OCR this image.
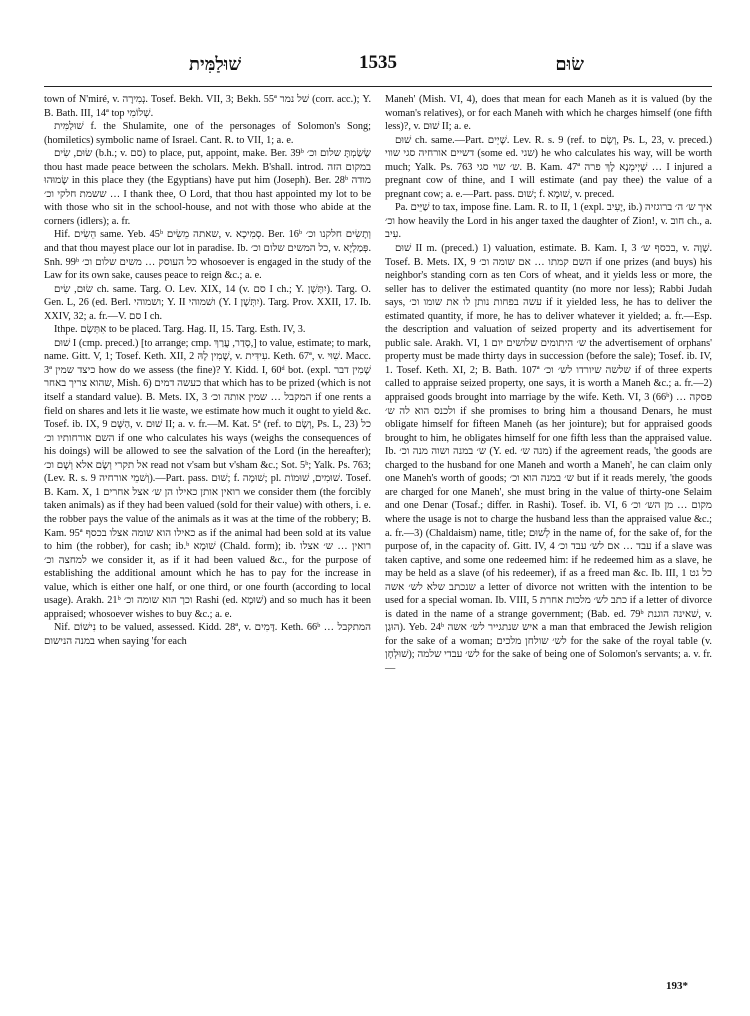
שׁוּלַמִּית	1535	שׂוּם

town of N'miré, v. נְמִירָה. Tosef. Bekh. VII, 3; Bekh. 55ª שׁל נמר (corr. acc.); Y. B. Bath. III, 14ª top שְׁלוֹמִי.

שׁוּלַמִּית f. the Shulamite, one of the personages of Solomon's Song; (homiletics) symbolic name of Israel. Cant. R. to VII, 1; a. e.

שׂוּם, שִׂים (b.h.; v. סם) to place, put, appoint, make. Ber. 39ᵇ שֶׂשַׂמְתָּ שלום וכ׳ thou hast made peace between the scholars. Mekh. B'shall. introd. במקום הזה שָׂמוּהוּ in this place they (the Egyptians) have put him (Joseph). Ber. 28ᵇ מודה … ששמת חלקי וכ׳ I thank thee, O Lord, that thou hast appointed my lot to be with those who sit in the school-house, and not with those who abide at the corners (idlers); a. fr.

Hif. הֵשִׂים same. Yeb. 45ᵇ שאתה מֵשִׂים, v. סְמִיכָא. Ber. 16ᵇ וְתָשִׂים חלקנו וכ׳ and that thou mayest place our lot in paradise. Ib. כל המשים שלום וכ׳, v. פְּמַלְיָא. Snh. 99ᵇ כל העוסק … משים שלום וכ׳ whosoever is engaged in the study of the Law for its own sake, causes peace to reign &c.; a. e.

שׂוּם, שִׂים ch. same. Targ. O. Lev. XIX, 14 (v. סם I ch.; Y. יִתְּשָׁן). Targ. O. Gen. L, 26 (ed. Berl. ושמוהי; Y. II ושׁמוהי (Y. I יִתְּשָׁן). Targ. Prov. XXII, 17. Ib. XXIV, 32; a. fr.—V. סם I ch.

Ithpe. אִתְּשָׂם to be placed. Targ. Hag. II, 15. Targ. Esth. IV, 3.

שׁוּם I (cmp. preced.) [to arrange; cmp. סְדַר, עֲרַךְ,] to value, estimate; to mark, name. Gitt. V, 1; Tosef. Keth. XII, 2 שָׁמִין לָהּ, v. עִידִּית. Keth. 67ª, v. שִׁוּי. Macc. 3ª כיצד שמין how do we assess (the fine)? Y. Kidd. I, 60ᵈ bot. (expl. שָׁמִין דבר שהוא צריך באחר, Mish. 6) כעשה דמים that which has to be prized (which is not itself a standard value). B. Mets. IX, 3 המקבל … שמין אותה וכ׳ if one rents a field on shares and lets it lie waste, we estimate how much it ought to yield &c. Tosef. ib. IX, 9 הַשָּׁם, v. שׁוּם II; a. v. fr.—M. Kat. 5ª (ref. to וְשָׂם, Ps. L, 23) כל השם אורחותיו וכ׳ if one who calculates his ways (weighs the consequences of his doings) will be allowed to see the salvation of the Lord (in the hereafter); אל תקרי וְשָׂם אלא וְשָׁם וכ׳ read not v'sam but v'sham &c.; Sot. 5ᵇ; Yalk. Ps. 763; (Lev. R. s. 9 וְשׁמֵי אורחיה).—Part. pass. שׁוּם; f. שׁוּמָה; pl. שׁוּמִים, שׁוּמוֹת. Tosef. B. Kam. X, 1 רואין אותן כאילו הן ש׳ אצל אחרים we consider them (the forcibly taken animals) as if they had been valued (sold for their value) with others, i. e. the robber pays the value of the animals as it was at the time of the robbery; B. Kam. 95ª כאילו הוא שומה אצלו בכסף as if the animal had been sold at its value to him (the robber), for cash; ib.ᵇ שׁוּמָא (Chald. form); ib. רואין … ש׳ אצלו למחצה וכ׳ we consider it, as if it had been valued &c., for the purpose of establishing the additional amount which he has to pay for the increase in value, which is either one half, or one third, or one fourth (according to local usage). Arakh. 21ᵇ וכך הוא שומה וכ׳ Rashi (ed. שׁוּמָא) and so much has it been appraised; whosoever wishes to buy &c.; a. e.

Nif. נִישׁוֹם to be valued, assessed. Kidd. 28ª, v. דָּמִים. Keth. 66ᵇ המתקבל … במנה הנישום when saying 'for each

Maneh' (Mish. VI, 4), does that mean for each Maneh as it is valued (by the woman's relatives), or for each Maneh with which he charges himself (one fifth less)?, v. שׁוּם II; a. e.

שׁוּם ch. same.—Part. שָׁיֵים. Lev. R. s. 9 (ref. to וְשָׂם, Ps. L, 23, v. preced.) דשיים אורחיה סגי שווי (some ed. שגי) he who calculates his way, will be worth much; Yalk. Ps. 763 ש׳ שוי סגי. B. Kam. 47ª שָׁיְימְנָא לָךְ פרה … I injured a pregnant cow of thine, and I will estimate (and pay thee) the value of a pregnant cow; a. e.—Part. pass. שׁוּם; f. שׁוּמָא, v. preced.

Pa. שַׁיֵּים to tax, impose fine. Lam. R. to II, 1 (expl. יָעִיב, ib.) איך ש׳ ה׳ ברוגזיה וכ׳ how heavily the Lord in his anger taxed the daughter of Zion!, v. חוב ch., a. עִיב.

שׁוּם II m. (preced.) 1) valuation, estimate. B. Kam. I, 3 בכסף ש׳, v. שָׁוֶה. Tosef. B. Mets. IX, 9 השם קמתו … אם שומה וכ׳ if one prizes (and buys) his neighbor's standing corn as ten Cors of wheat, and it yields less or more, the seller has to deliver the estimated quantity (no more nor less); Rabbi Judah says, עשה בפחות נותן לו את שומו וכ׳ if it yielded less, he has to deliver the estimated quantity, if more, he has to deliver whatever it yielded; a. fr.—Esp. the description and valuation of seized property and its advertisement for public sale. Arakh. VI, 1 ש׳ היתומים שלושים יום the advertisement of orphans' property must be made thirty days in succession (before the sale); Tosef. ib. IV, 1. Tosef. Keth. XI, 2; B. Bath. 107ª שלשה שיורדו לש׳ וכ׳ if of three experts called to appraise seized property, one says, it is worth a Maneh &c.; a. fr.—2) appraised goods brought into marriage by the wife. Keth. VI, 3 (66ᵇ) פסקה … ולכנס הוא לה ש׳ if she promises to bring him a thousand Denars, he must obligate himself for fifteen Maneh (as her jointure); but for appraised goods brought to him, he obligates himself for one fifth less than the appraised value. Ib. ש׳ במנה ושוה מנה וכ׳ (Y. ed. מנה ש׳) if the agreement reads, 'the goods are charged to the husband for one Maneh and worth a Maneh', he can claim only one Maneh's worth of goods; ש׳ במנה הוא וכ׳ but if it reads merely, 'the goods are charged for one Maneh', she must bring in the value of thirty-one Selaim and one Denar (Tosaf.; differ. in Rashi). Tosef. ib. VI, 6 מקום … מן הש׳ וכ׳ where the usage is not to charge the husband less than the appraised value &c.; a. fr.—3) (Chaldaism) name, title; לְשׁוּם in the name of, for the sake of, for the purpose of, in the capacity of. Gitt. IV, 4 עבד … אם לש׳ עבד וכ׳ if a slave was taken captive, and some one redeemed him: if he redeemed him as a slave, he may be held as a slave (of his redeemer), if as a freed man &c. Ib. III, 1 כל גט שנכתב שלא לש׳ אשה a letter of divorce not written with the intention to be used for a special woman. Ib. VIII, 5 כתב לש׳ מלכות אחרת if a letter of divorce is dated in the name of a strange government; (Bab. ed. 79ᵇ שׁאינה הוגנת, v. הוּגַן). Yeb. 24ᵇ איש שנתגייר לש׳ אשה a man that embraced the Jewish religion for the sake of a woman; לש׳ שולחן מלכים for the sake of the royal table (v. שׁוּלְחָן); לש׳ עבדי שלמה for the sake of being one of Solomon's servants; a. v. fr.—

193*
